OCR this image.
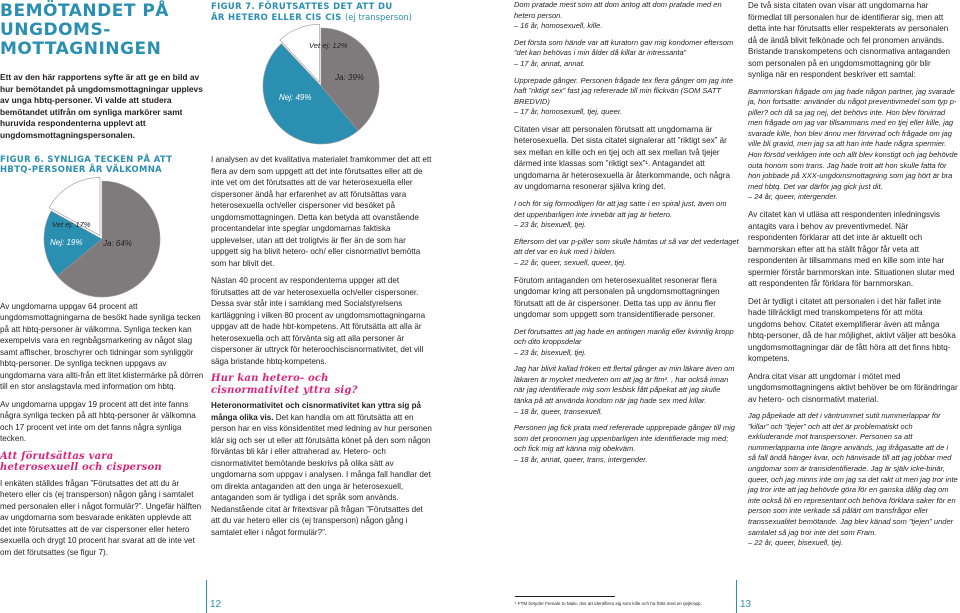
BEMÖTANDET PÅ
UNGDOMS-
MOTTAGNINGEN
Ett av den här rapportens syfte är att ge en bild av hur bemötandet på ungdomsmottagningar upplevs av unga hbtq-personer. Vi valde att studera bemötandet utifrån om synliga markörer samt huruvida respondenterna upplevt att ungdomsmottagningspersonalen.
FIGUR 6. SYNLIGA TECKEN PÅ ATT HBTQ-PERSONER ÄR VÄLKOMNA
Ja: 64%
Nej: 19%
Vet ej: 17%

Av ungdomarna uppgav 64 procent att ungdomsmottagningarna de besökt hade synliga tecken på att hbtq-personer är välkomna. Synliga tecken kan exempelvis vara en regnbågsmarkering av något slag samt affischer, broschyrer och tidningar som synliggör hbtq-personer. De synliga tecknen uppgavs av ungdomarna vara allti-från ett litet klistermärke på dörren till en stor anslagstavla med information om hbtq.

Av ungdomarna uppgav 19 procent att det inte fanns några synliga tecken på att hbtq-personer är välkomna och 17 procent vet inte om det fanns några synliga tecken.

Att förutsättas vara heterosexuell och cisperson

I enkäten ställdes frågan ”Förutsattes det att du är hetero eller cis (ej transperson) någon gång i samtalet med personalen eller i något formulär?”. Ungefär hälften av ungdomarna som besvarade enkäten upplevde att det inte förutsattes att de var cispersoner eller hetero sexuella och drygt 10 procent har svarat att de inte vet om det förutsattes (se figur 7).

FIGUR 7. FÖRUTSATTES DET ATT DU
ÄR HETERO ELLER CIS CIS (ej transperson)
Ja: 39%
Nej: 49%
Vet ej: 12%

I analysen av det kvalitativa materialet framkommer det att ett flera av dem som uppgett att det inte förutsattes eller att de inte vet om det förutsattes att de var heterosexuella eller cispersoner ändå har erfarenhet av att förutsättas vara heterosexuella och/eller cispersoner vid besöket på ungdomsmottagningen. Detta kan betyda att ovanstående procentandelar inte speglar ungdomarnas faktiska upplevelser, utan att det troligtvis är fler än de som har uppgett sig ha blivit hetero- och/ eller cisnormativt bemötta som har blivit det.

Nästan 40 procent av respondenterna uppger att det förutsattes att de var heterosexuella och/eller cispersoner. Dessa svar står inte i samklang med Socialstyrelsens kartläggning i vilken 80 procent av ungdomsmottagningarna uppgav att de hade hbt-kompetens. Att förutsätta att alla är heterosexuella och att förvänta sig att alla personer är cispersoner är uttryck för heteroochiscisnormativitet, det vill säga bristande hbtq-kompetens.

Hur kan hetero- och cisnormativitet yttra sig?

Heteronormativitet och cisnormativitet kan yttra sig på många olika vis. Det kan handla om att förutsätta att en person har en viss könsidentitet med ledning av hur personen klär sig och ser ut eller att förutsätta könet på den som någon förväntas bli kär i eller attraherad av. Hetero- och cisnormativitet bemötande beskrivs på olika sätt av ungdomarna som uppgav i analysen. I många fall handlar det om direkta antaganden att den unga är heterosexuell, antaganden som är tydliga i det språk som används. Nedanstående citat är fritextsvar på frågan ”Förutsattes det att du var hetero eller cis (ej transperson) någon gång i samtalet eller i något formulär?”.

Dom pratade mest som att dom antog att dom pratade med en hetero person.
– 16 år, homosexuell, kille.
Det första som hände var att kuratorn gav mig kondomer eftersom ”det kan behövas i min ålder då killar är intressanta”
– 17 år, annat, annat.
Upprepade gånger. Personen frågade tex flera gånger om jag inte haft ”riktigt sex” fast jag refererade till min flickvän (SOM SATT BREDVID)
– 17 år, homosexuell, tjej, queer.

Citaten visar att personalen förutsatt att ungdomarna är heterosexuella. Det sista citatet signalerar att ”riktigt sex” är sex mellan en kille och en tjej och att sex mellan två tjejer därmed inte klassas som ”riktigt sex”¹. Antagandet att ungdomarna är heterosexuella är återkommande, och några av ungdomarna resonerar själva kring det.

I och för sig förmodligen för att jag satte i en spiral just, även om det uppenbarligen inte innebär att jag är hetero.
– 23 år, bisexuell, tjej.
Eftersom det var p-piller som skulle hämtas ut så var det vedertaget att det var en kuk med i bilden.
– 22 år, queer, sexuell, queer, tjej.

Förutom antaganden om heterosexualitet resonerar flera ungdomar kring att personalen på ungdomsmottagningen förutsatt att de är cispersoner. Detta tas upp av ännu fler ungdomar som uppgett som transidentifierade personer.

Det förutsattes att jag hade en antingen manlig eller kvinnlig kropp och dito kroppsdelar
– 23 år, bisexuell, tjej.
Jag har blivit kallad fröken ett flertal gånger av min läkare även om läkaren är mycket medveten om att jag är ftm². , har också innan när jag identifierade mig som lesbisk fått påpekat att jag skulle tänka på att använda kondom när jag hade sex med killar.
– 18 år, queer, transexuell.
Personen jag fick prata med refererade uppprepade gånger till mig som det pronomen jag uppenbarligen inte identifierade mig med; och fick mig att känna mig obekväm.
– 18 år, annat, queer, trans, intergender.

De två sista citaten ovan visar att ungdomarna har förmedlat till personalen hur de identifierar sig, men att detta inte har förutsatts eller respekterats av personalen då de ändå blivit felkönade och fel pronomen används. Bristande transkompetens och cisnormativa antaganden som personalen på en ungdomsmottagning gör blir synliga när en respondent beskriver ett samtal:

Barnmorskan frågade om jag hade någon partner, jag svarade ja, hon fortsatte: använder du något preventivmedel som typ p-piller? och då sa jag nej, det behövs inte. Hon blev förvirrad men frågade om jag var tillsammans med en tjej eller kille, jag svarade kille, hon blev ännu mer förvirrad och frågade om jag ville bli gravid, men jag sa att han inte hade några spermier. Hon försöd verkligen inte och allt blev konstigt och jag behövde outa honom som trans. Jag hade trott att hon skulle fatta för hon jobbade på XXX-ungdomsmottagning som jag hört är bra med hbtq. Det var därför jag gick just dit.
– 24 år, queer, intergender.

Av citatet kan vi utläsa att respondenten inledningsvis antagits vara i behov av preventivmedel. När respondenten förklarar att det inte är aktuellt och barnmorskan efter att ha ställt frågor får veta att respondenten är tillsammans med en kille som inte har spermier förstår barnmorskan inte. Situationen slutar med att respondenten får förklara för barnmorskan.

Det är tydligt i citatet att personalen i det här fallet inte hade tillräckligt med transkompetens för att möta ungdoms behov. Citatet exemplifierar även att många hbtq-personer, då de har möjlighet, aktivt väljer att besöka ungdomsmottagningar där de fått höra att det finns hbtq-kompetens.

Andra citat visar att ungdomar i mötet med ungdomsmottagningens aktivt behöver be om förändringar av hetero- och cisnormativt material.

Jag påpekade att det i väntrummet sutit nummerlappar för ”killar” och ”tjejer” och att det är problematiskt och exkluderande mot transpersoner. Personen sa att nummerlapparna inte längre används, jag ifrågasatte att de i så fall ändå hänger kvar, och hänvisade till att jag jobbar med ungdomar som är transidentifierade. Jag är själv icke-binär, queer, och jag minns inte om jag sa det rakt ut men jag tror inte jag tror inte att jag behövde göra för en ganska dålig dag om inte också bli en representant och behöva förklara saker för en person som inte verkade så pålärt om transfrågor eller transsexualitet bemötande. Jag blev känad som ”tjejen” under samtalet så jag tror inte det som Fram.
– 22 år, queer, bisexuell, tjej.
12	¹ FTM betyder Female to Male, dvs att identifiera sig som kille och ha fötts med en tjejkropp.	13
